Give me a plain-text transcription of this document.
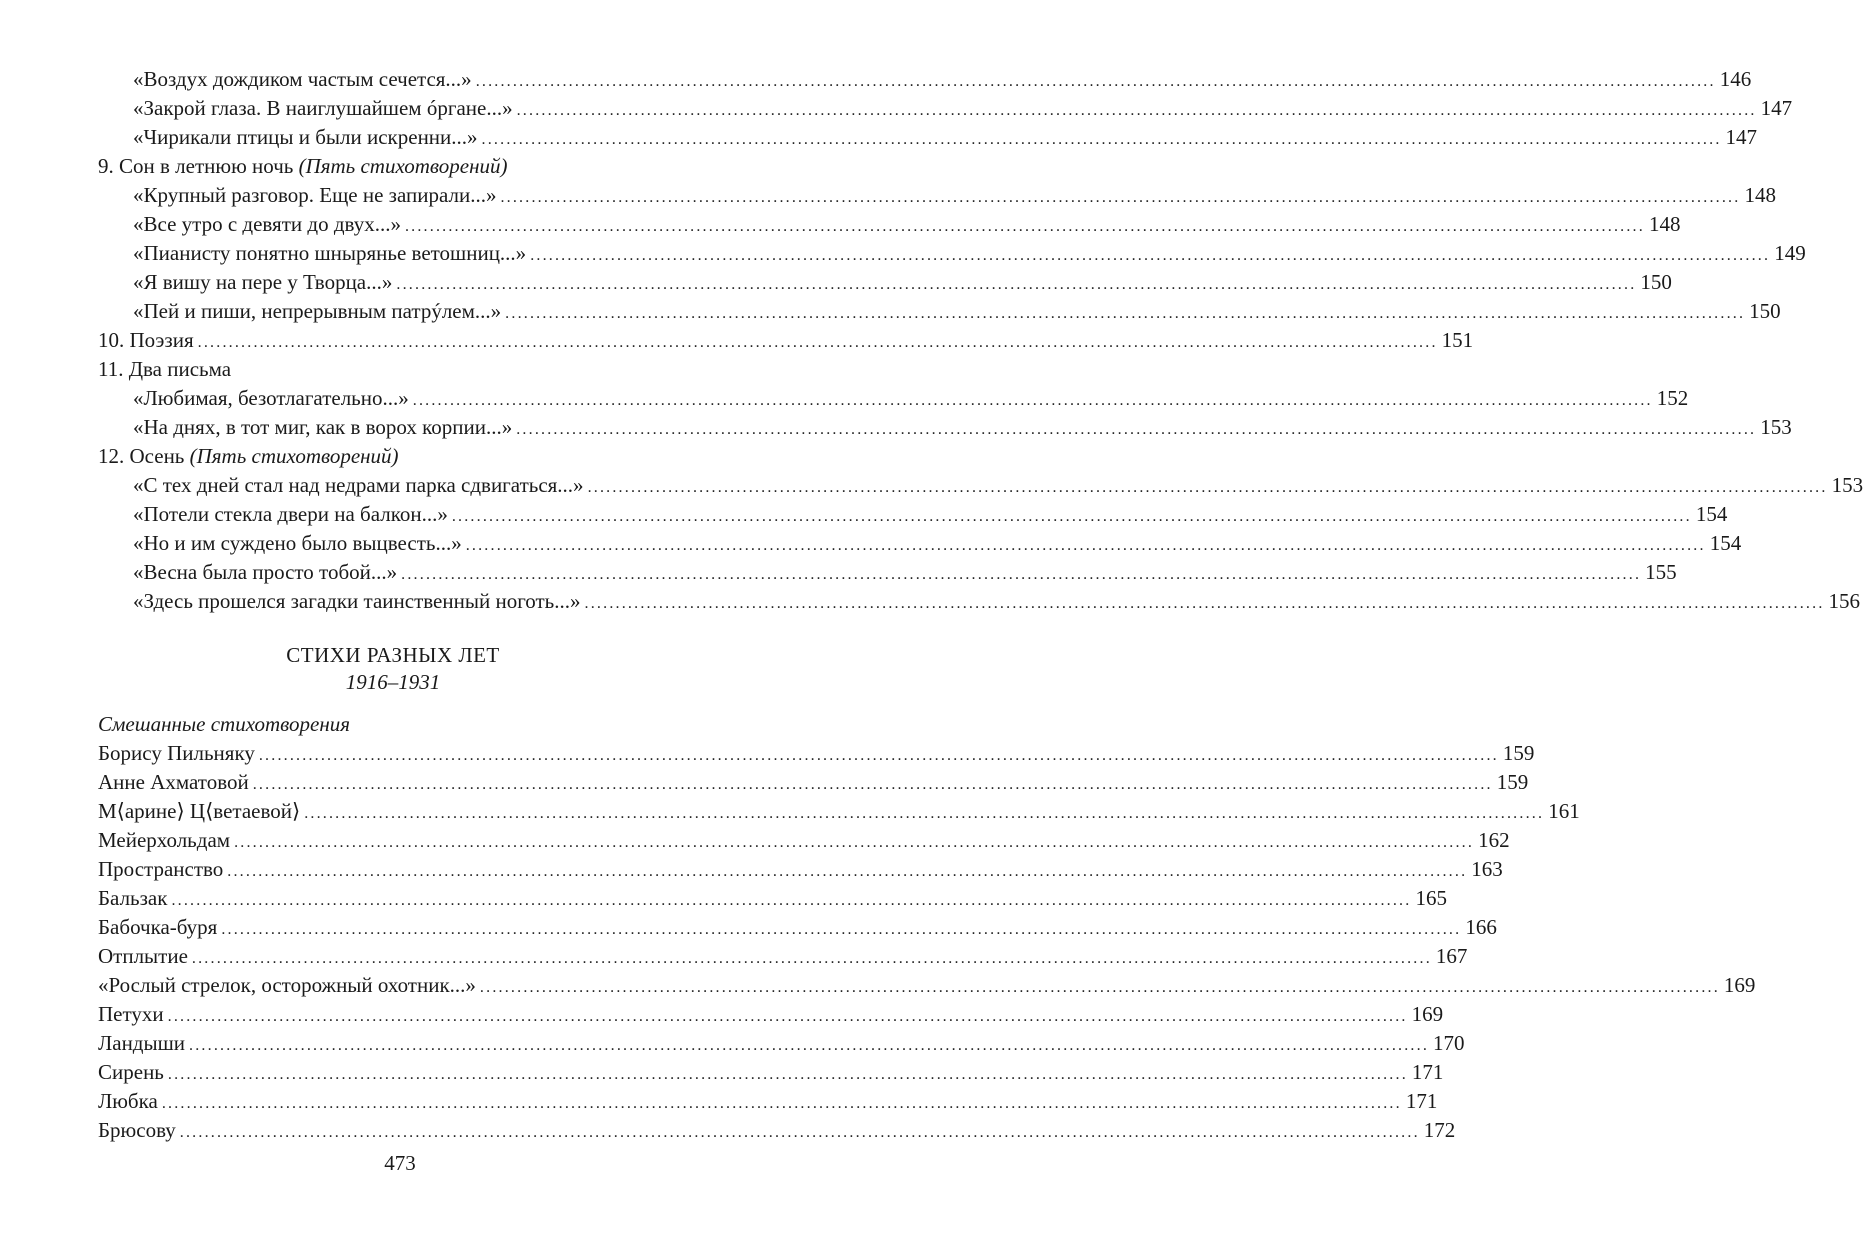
«Воздух дождиком частым сечется...» ........................................................................................................................................................................................................ 146
«Закрой глаза. В наиглушайшем óргане...» ........................................................................................................................................................................................................ 147
«Чирикали птицы и были искренни...» ........................................................................................................................................................................................................ 147
9. Сон в летнюю ночь (Пять стихотворений)
«Крупный разговор. Еще не запирали...» ........................................................................................................................................................................................................ 148
«Все утро с девяти до двух...» ........................................................................................................................................................................................................ 148
«Пианисту понятно шнырянье ветошниц...» ........................................................................................................................................................................................................ 149
«Я вишу на пере у Творца...» ........................................................................................................................................................................................................ 150
«Пей и пиши, непрерывным патрýлем...» ........................................................................................................................................................................................................ 150
10. Поэзия ........................................................................................................................................................................................................ 151
11. Два письма
«Любимая, безотлагательно...» ........................................................................................................................................................................................................ 152
«На днях, в тот миг, как в ворох корпии...» ........................................................................................................................................................................................................ 153
12. Осень (Пять стихотворений)
«С тех дней стал над недрами парка сдвигаться...» ........................................................................................................................................................................................................ 153
«Потели стекла двери на балкон...» ........................................................................................................................................................................................................ 154
«Но и им суждено было выцвесть...» ........................................................................................................................................................................................................ 154
«Весна была просто тобой...» ........................................................................................................................................................................................................ 155
«Здесь прошелся загадки таинственный ноготь...» ........................................................................................................................................................................................................ 156
СТИХИ РАЗНЫХ ЛЕТ
1916–1931
Смешанные стихотворения
Борису Пильняку ........................................................................................................................................................................................................ 159
Анне Ахматовой ........................................................................................................................................................................................................ 159
М⟨арине⟩ Ц⟨ветаевой⟩ ........................................................................................................................................................................................................ 161
Мейерхольдам ........................................................................................................................................................................................................ 162
Пространство ........................................................................................................................................................................................................ 163
Бальзак ........................................................................................................................................................................................................ 165
Бабочка-буря ........................................................................................................................................................................................................ 166
Отплытие ........................................................................................................................................................................................................ 167
«Рослый стрелок, осторожный охотник...» ........................................................................................................................................................................................................ 169
Петухи ........................................................................................................................................................................................................ 169
Ландыши ........................................................................................................................................................................................................ 170
Сирень ........................................................................................................................................................................................................ 171
Любка ........................................................................................................................................................................................................ 171
Брюсову ........................................................................................................................................................................................................ 172
473
